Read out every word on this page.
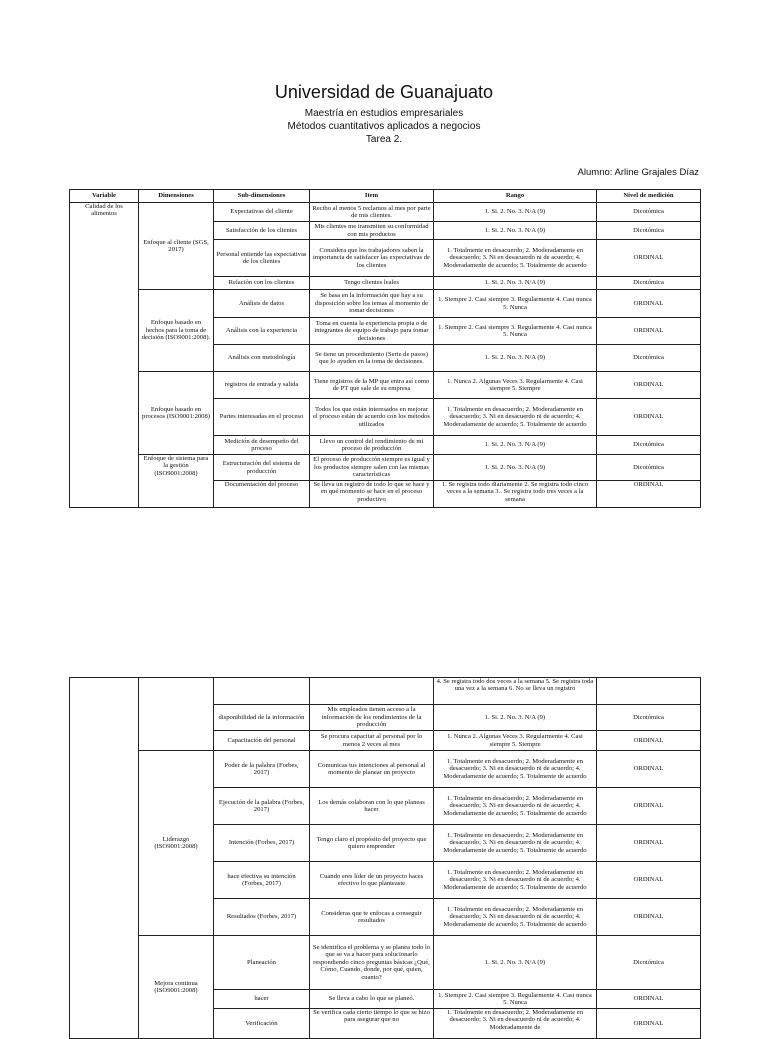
Universidad de Guanajuato
Maestría en estudios empresariales
Métodos cuantitativos aplicados a negocios
Tarea 2.
Alumno: Arline Grajales Díaz
Variable	Dimensiones	Sub-dimensiones	Item	Rango	Nivel de medición
Calidad de los alimentos	Enfoque al cliente (SGS, 2017)	Expectativas del cliente	Recibo al menos 5 reclamos al mes por parte de mis clientes.	1. Si. 2. No. 3. N/A (9)	Dicotómica
		Satisfacción de los clientes	Mis clientes me transmiten su conformidad con mis productos	1. Si. 2. No. 3. N/A (9)	Dicotómica
		Personal entiende las expectativas de los clientes	Considera que los trabajadores saben la importancia de satisfacer las expectativas de los clientes	1. Totalmente en desacuerdo; 2. Moderadamente en desacuerdo; 3. Ni en desacuerdo ni de acuerdo; 4. Moderadamente de acuerdo; 5. Totalmente de acuerdo	ORDINAL
		Relación con los clientes	Tengo clientes leales	1. Si. 2. No. 3. N/A (9)	Dicotómica
	Enfoque basado en hechos para la toma de decisión (ISO9001:2008).	Análisis de datos	Se basa en la información que hay a su disposición sobre los temas al momento de tomar decisiones	1. Siempre 2. Casi siempre 3. Regularmente 4. Casi nunca 5. Nunca	ORDINAL
		Análisis con la experiencia	Toma en cuenta la experiencia propia o de integrantes de equipo de trabajo para tomar decisiones	1. Siempre 2. Casi siempre 3. Regularmente 4. Casi nunca 5. Nunca	ORDINAL
		Análisis con metodología	Se tiene un procedimiento (Serie de pasos) que lo ayuden en la toma de decisiones.	1. Si. 2. No. 3. N/A (9)	Dicotómica
	Enfoque basado en procesos (ISO9001:2008)	registros de entrada y salida	Tiene registros de la MP que entra así como de PT que sale de su empresa	1. Nunca 2. Algunas Veces 3. Regularmente 4. Casi siempre 5. Siempre	ORDINAL
		Partes interesadas en el proceso	Todos los que están interesados en mejorar el proceso están de acuerdo con los métodos utilizados	1. Totalmente en desacuerdo; 2. Moderadamente en desacuerdo; 3. Ni en desacuerdo ni de acuerdo; 4. Moderadamente de acuerdo; 5. Totalmente de acuerdo	ORDINAL
		Medición de desempeño del proceso	Llevo un control del rendimiento de mi proceso de producción	1. Si. 2. No. 3. N/A (9)	Dicotómica
	Enfoque de sistema para la gestión (ISO9001:2008)	Estructuración del sistema de producción	El proceso de producción siempre es igual y los productos siempre salen con las mismas características	1. Si. 2. No. 3. N/A (9)	Dicotómica
		Documentación del proceso	Se lleva un registro de todo lo que se hace y en qué momento se hace en el proceso productivo	1. Se registra todo diariamente 2. Se registra todo cinco veces a la semana 3.. Se registra todo tres veces a la semana	ORDINAL
				4. Se registra todo dos veces a la semana 5. Se registra toda una vez a la semana 6. No se lleva un registro	
		disponibilidad de la información	Mis empleados tienen acceso a la información de los rendimientos de la producción	1. Si. 2. No. 3. N/A (9)	Dicotómica
		Capacitación del personal	Se procura capacitar al personal por lo menos 2 veces al mes	1. Nunca 2. Algunas Veces 3. Regularmente 4. Casi siempre 5. Siempre	ORDINAL
	Liderazgo (ISO9001:2008)	Poder de la palabra (Forbes, 2017)	Comunicas tus intenciones al personal al momento de planear un proyecto	1. Totalmente en desacuerdo; 2. Moderadamente en desacuerdo; 3. Ni en desacuerdo ni de acuerdo; 4. Moderadamente de acuerdo; 5. Totalmente de acuerdo	ORDINAL
		Ejecución de la palabra (Forbes, 2017)	Los demás colaboran con lo que planeas hacer	1. Totalmente en desacuerdo; 2. Moderadamente en desacuerdo; 3. Ni en desacuerdo ni de acuerdo; 4. Moderadamente de acuerdo; 5. Totalmente de acuerdo	ORDINAL
		Intención (Forbes, 2017)	Tengo claro el propósito del proyecto que quiero emprender	1. Totalmente en desacuerdo; 2. Moderadamente en desacuerdo; 3. Ni en desacuerdo ni de acuerdo; 4. Moderadamente de acuerdo; 5. Totalmente de acuerdo	ORDINAL
		hace efectiva su intención (Forbes, 2017)	Cuando eres líder de un proyecto haces efectivo lo que planteaste	1. Totalmente en desacuerdo; 2. Moderadamente en desacuerdo; 3. Ni en desacuerdo ni de acuerdo; 4. Moderadamente de acuerdo; 5. Totalmente de acuerdo	ORDINAL
		Resultados (Forbes, 2017)	Consideras que te enfocas a conseguir resultados	1. Totalmente en desacuerdo; 2. Moderadamente en desacuerdo; 3. Ni en desacuerdo ni de acuerdo; 4. Moderadamente de acuerdo; 5. Totalmente de acuerdo	ORDINAL
	Mejora continua (ISO9001:2008)	Planeación	Se identifica el problema y se planea todo lo que se va a hacer para solucionarlo respondiendo cinco preguntas básicas ¿Qué, Cómo, Cuando, donde, por qué, quien, cuanto?	1. Si. 2. No. 3. N/A (9)	Dicotómica
		hacer	Se lleva a cabo lo que se planeó.	1. Siempre 2. Casi siempre 3. Regularmente 4. Casi nunca 5. Nunca	ORDINAL
		Verificación	Se verifica cada cierto tiempo lo que se hizo para asegurar que no	1. Totalmente en desacuerdo; 2. Moderadamente en desacuerdo; 3. Ni en desacuerdo ni de acuerdo; 4. Moderadamente de	ORDINAL
